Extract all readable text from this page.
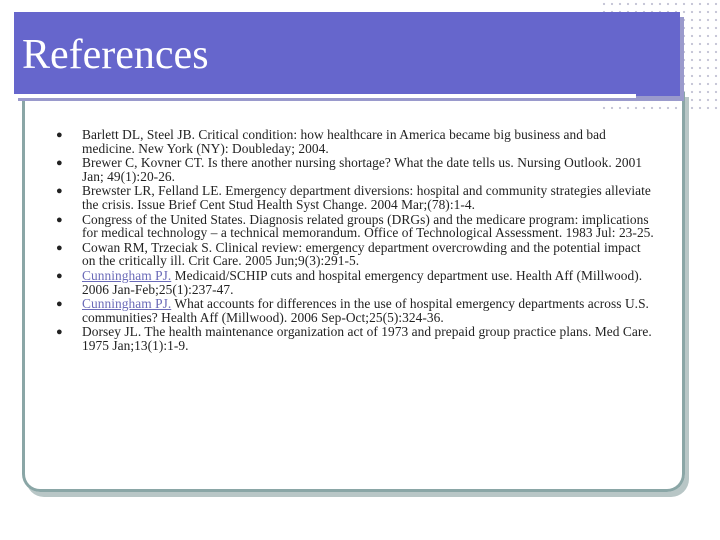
References
● Barlett DL, Steel JB. Critical condition: how healthcare in America became big business and bad medicine. New York (NY): Doubleday; 2004.
● Brewer C, Kovner CT. Is there another nursing shortage? What the date tells us. Nursing Outlook. 2001 Jan; 49(1):20-26.
● Brewster LR, Felland LE. Emergency department diversions: hospital and community strategies alleviate the crisis. Issue Brief Cent Stud Health Syst Change. 2004 Mar;(78):1-4.
● Congress of the United States. Diagnosis related groups (DRGs) and the medicare program: implications for medical technology – a technical memorandum. Office of Technological Assessment. 1983 Jul: 23-25.
● Cowan RM, Trzeciak S. Clinical review: emergency department overcrowding and the potential impact on the critically ill. Crit Care. 2005 Jun;9(3):291-5.
● Cunningham PJ. Medicaid/SCHIP cuts and hospital emergency department use. Health Aff (Millwood). 2006 Jan-Feb;25(1):237-47.
● Cunningham PJ. What accounts for differences in the use of hospital emergency departments across U.S. communities? Health Aff (Millwood). 2006 Sep-Oct;25(5):324-36.
● Dorsey JL. The health maintenance organization act of 1973 and prepaid group practice plans. Med Care. 1975 Jan;13(1):1-9.
